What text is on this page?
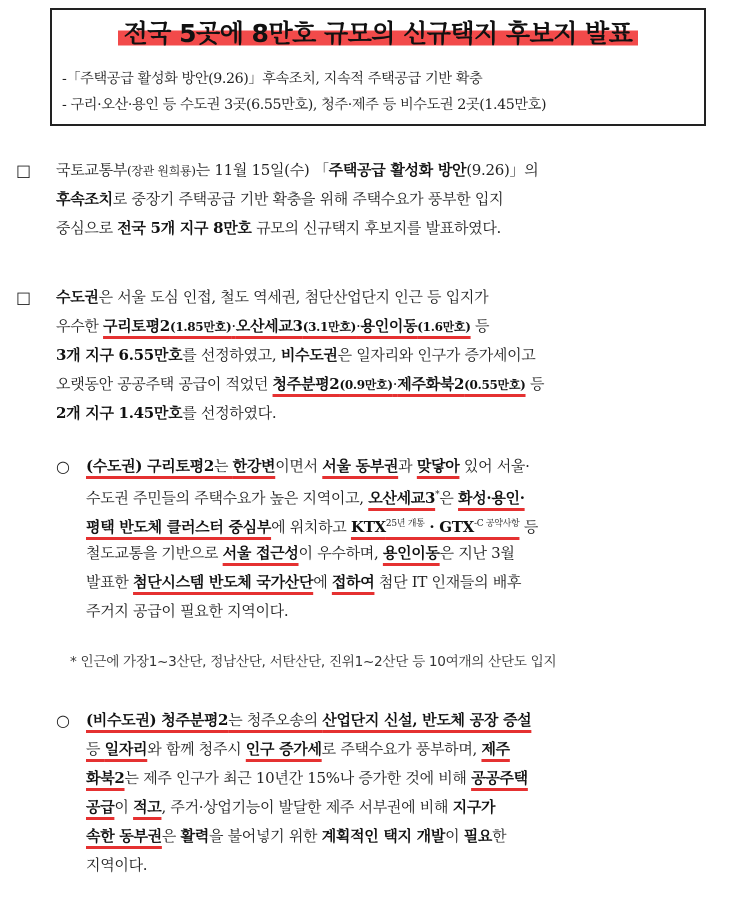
전국 5곳에 8만호 규모의 신규택지 후보지 발표
-「주택공급 활성화 방안(9.26)」후속조치, 지속적 주택공급 기반 확충
- 구리·오산·용인 등 수도권 3곳(6.55만호), 청주·제주 등 비수도권 2곳(1.45만호)
□ 국토교통부(장관 원희룡)는 11월 15일(수) 「주택공급 활성화 방안(9.26)」의
후속조치로 중장기 주택공급 기반 확충을 위해 주택수요가 풍부한 입지
중심으로 전국 5개 지구 8만호 규모의 신규택지 후보지를 발표하였다.
□ 수도권은 서울 도심 인접, 철도 역세권, 첨단산업단지 인근 등 입지가
우수한 구리토평2(1.85만호)·오산세교3(3.1만호)·용인이동(1.6만호) 등
3개 지구 6.55만호를 선정하였고, 비수도권은 일자리와 인구가 증가세이고
오랫동안 공공주택 공급이 적었던 청주분평2(0.9만호)·제주화북2(0.55만호) 등
2개 지구 1.45만호를 선정하였다.
○ (수도권) 구리토평2는 한강변이면서 서울 동부권과 맞닿아 있어 서울·
수도권 주민들의 주택수요가 높은 지역이고, 오산세교3*은 화성·용인·
평택 반도체 클러스터 중심부에 위치하고 $KTX^{25년 개통} \cdot GTX^{-C 공약사항}$ 등
철도교통을 기반으로 서울 접근성이 우수하며, 용인이동은 지난 3월
발표한 첨단시스템 반도체 국가산단에 접하여 첨단 IT 인재들의 배후
주거지 공급이 필요한 지역이다.
* 인근에 가장1~3산단, 정남산단, 서탄산단, 진위1~2산단 등 10여개의 산단도 입지
○ (비수도권) 청주분평2는 청주오송의 산업단지 신설, 반도체 공장 증설
등 일자리와 함께 청주시 인구 증가세로 주택수요가 풍부하며, 제주
화북2는 제주 인구가 최근 10년간 15%나 증가한 것에 비해 공공주택
공급이 적고, 주거·상업기능이 발달한 제주 서부권에 비해 지구가
속한 동부권은 활력을 불어넣기 위한 계획적인 택지 개발이 필요한
지역이다.
